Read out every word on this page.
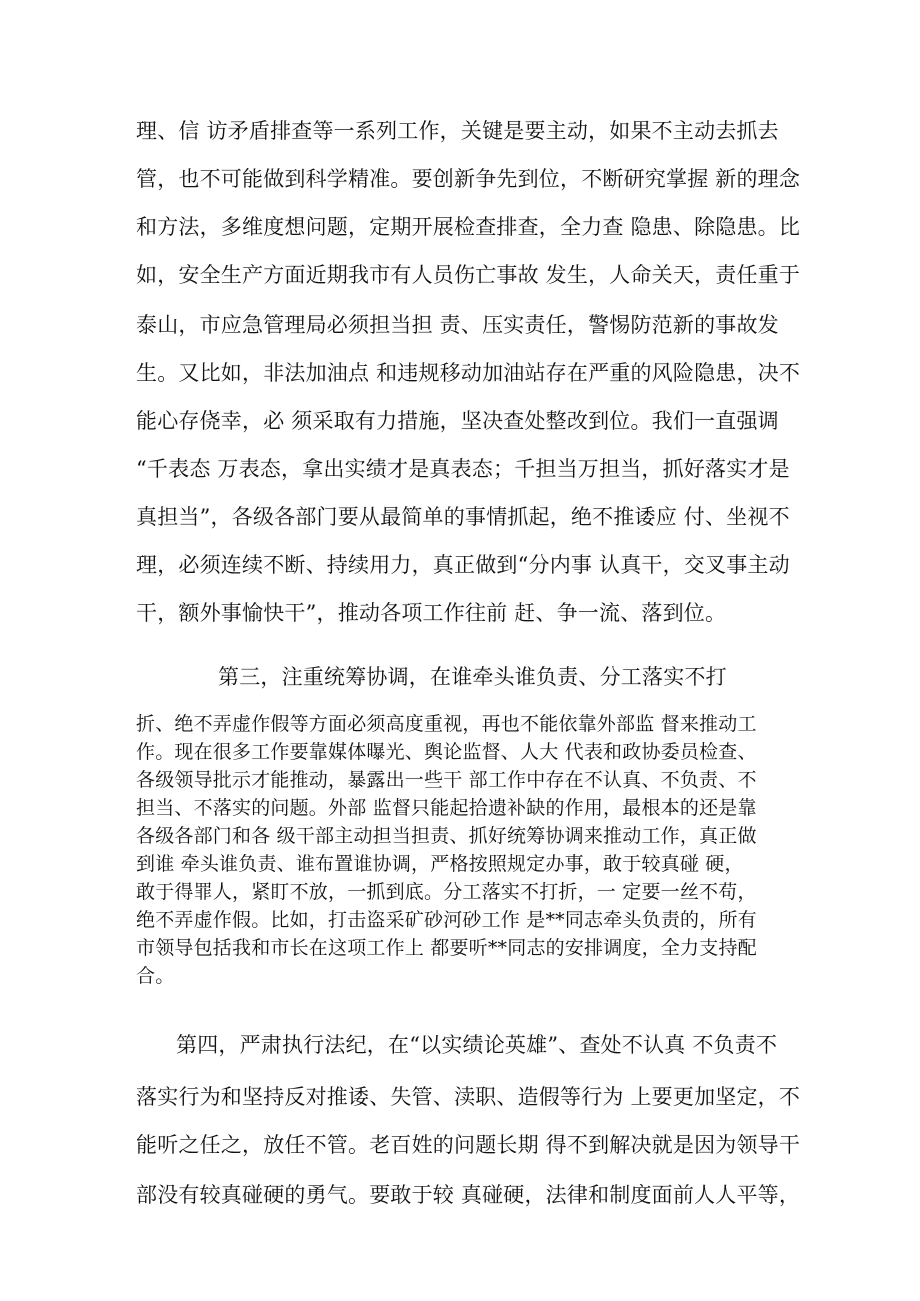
理、信 访矛盾排查等一系列工作，关键是要主动，如果不主动去抓去
管，也不可能做到科学精准。要创新争先到位，不断研究掌握 新的理念
和方法，多维度想问题，定期开展检查排查，全力查 隐患、除隐患。比
如，安全生产方面近期我市有人员伤亡事故 发生，人命关天，责任重于
泰山，市应急管理局必须担当担 责、压实责任，警惕防范新的事故发
生。又比如，非法加油点 和违规移动加油站存在严重的风险隐患，决不
能心存侥幸，必 须采取有力措施，坚决查处整改到位。我们一直强调
“千表态 万表态，拿出实绩才是真表态；千担当万担当，抓好落实才是
真担当”，各级各部门要从最简单的事情抓起，绝不推诿应 付、坐视不
理，必须连续不断、持续用力，真正做到“分内事 认真干，交叉事主动
干，额外事愉快干”，推动各项工作往前 赶、争一流、落到位。
第三，注重统筹协调，在谁牵头谁负责、分工落实不打
折、绝不弄虚作假等方面必须高度重视，再也不能依靠外部监 督来推动工
作。现在很多工作要靠媒体曝光、舆论监督、人大 代表和政协委员检查、
各级领导批示才能推动，暴露出一些干 部工作中存在不认真、不负责、不
担当、不落实的问题。外部 监督只能起拾遗补缺的作用，最根本的还是靠
各级各部门和各 级干部主动担当担责、抓好统筹协调来推动工作，真正做
到谁 牵头谁负责、谁布置谁协调，严格按照规定办事，敢于较真碰 硬，
敢于得罪人，紧盯不放，一抓到底。分工落实不打折，一 定要一丝不苟，
绝不弄虚作假。比如，打击盗采矿砂河砂工作 是**同志牵头负责的，所有
市领导包括我和市长在这项工作上 都要听**同志的安排调度，全力支持配
合。
第四，严肃执行法纪，在“以实绩论英雄”、查处不认真 不负责不
落实行为和坚持反对推诿、失管、渎职、造假等行为 上要更加坚定，不
能听之任之，放任不管。老百姓的问题长期 得不到解决就是因为领导干
部没有较真碰硬的勇气。要敢于较 真碰硬，法律和制度面前人人平等，
